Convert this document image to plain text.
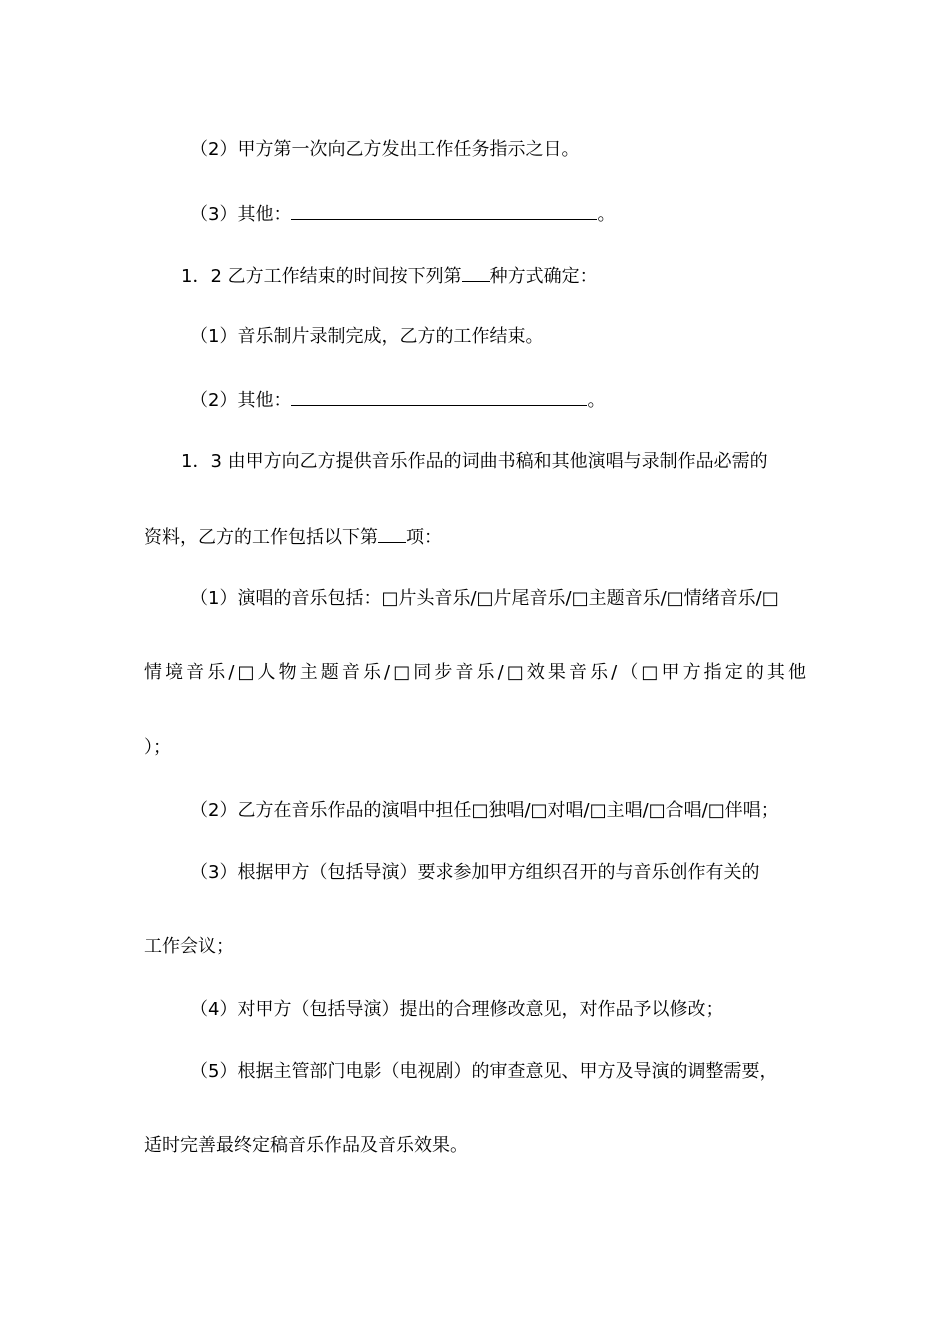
（2）甲方第一次向乙方发出工作任务指示之日。
（3）其他：	。
1．2 乙方工作结束的时间按下列第 种方式确定：
（1）音乐制片录制完成，乙方的工作结束。
（2）其他：	。
1．3 由甲方向乙方提供音乐作品的词曲书稿和其他演唱与录制作品必需的
资料，乙方的工作包括以下第 项：
（1）演唱的音乐包括：□片头音乐/□片尾音乐/□主题音乐/□情绪音乐/□
情境音乐/□人物主题音乐/□同步音乐/□效果音乐/（□甲方指定的其他
）；
（2）乙方在音乐作品的演唱中担任□独唱/□对唱/□主唱/□合唱/□伴唱；
（3）根据甲方（包括导演）要求参加甲方组织召开的与音乐创作有关的
工作会议；
（4）对甲方（包括导演）提出的合理修改意见，对作品予以修改；
（5）根据主管部门电影（电视剧）的审查意见、甲方及导演的调整需要，
适时完善最终定稿音乐作品及音乐效果。
